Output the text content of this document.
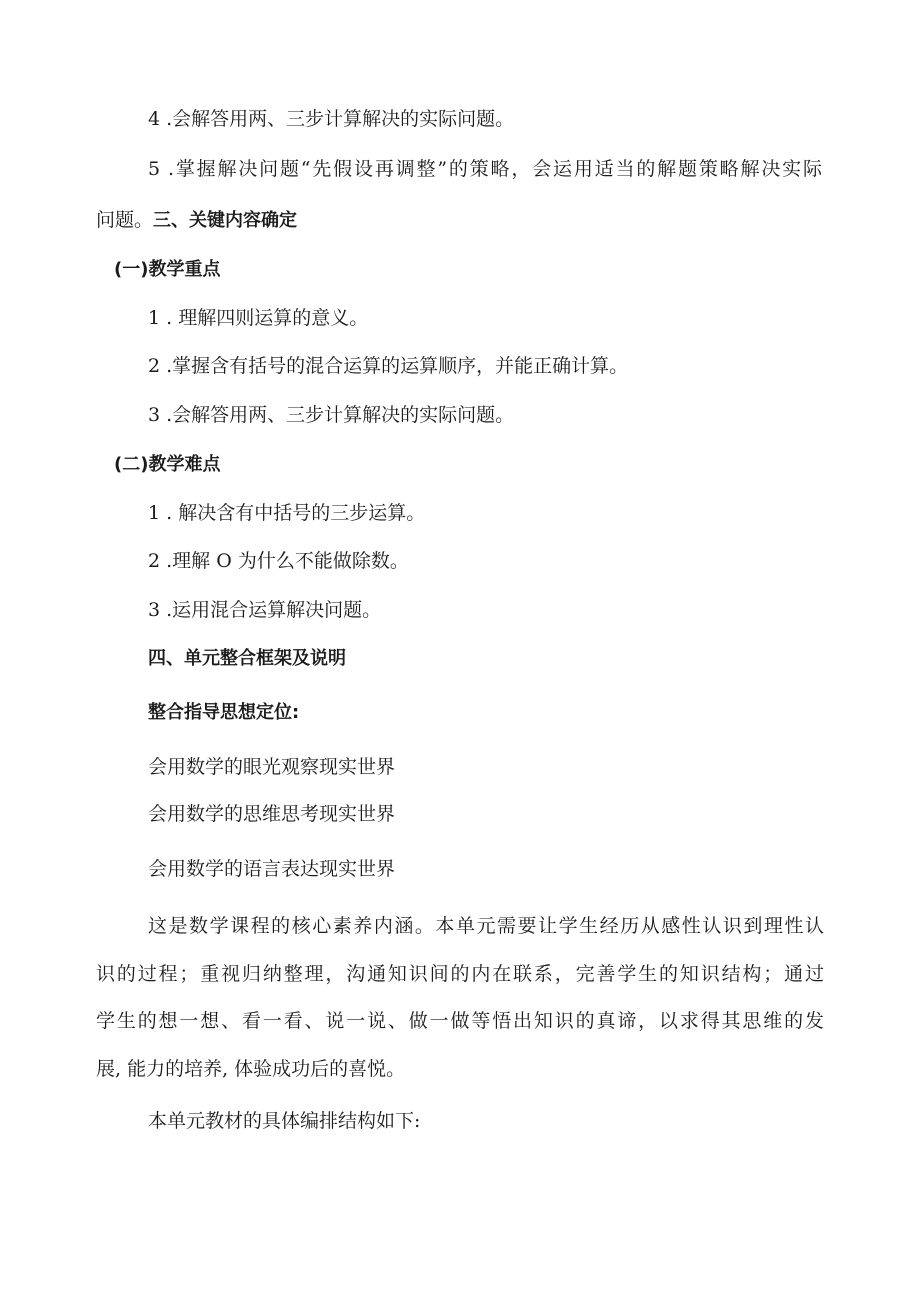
4 .会解答用两、三步计算解决的实际问题。
5 .掌握解决问题“先假设再调整”的策略，会运用适当的解题策略解决实际
问题。三、关键内容确定
(一)教学重点
1 . 理解四则运算的意义。
2 .掌握含有括号的混合运算的运算顺序，并能正确计算。
3 .会解答用两、三步计算解决的实际问题。
(二)教学难点
1 . 解决含有中括号的三步运算。
2 .理解 O 为什么不能做除数。
3 .运用混合运算解决问题。
四、单元整合框架及说明
整合指导思想定位:
会用数学的眼光观察现实世界
会用数学的思维思考现实世界
会用数学的语言表达现实世界
这是数学课程的核心素养内涵。本单元需要让学生经历从感性认识到理性认
识的过程；重视归纳整理，沟通知识间的内在联系，完善学生的知识结构；通过
学生的想一想、看一看、说一说、做一做等悟出知识的真谛，以求得其思维的发
展, 能力的培养, 体验成功后的喜悦。
本单元教材的具体编排结构如下:
